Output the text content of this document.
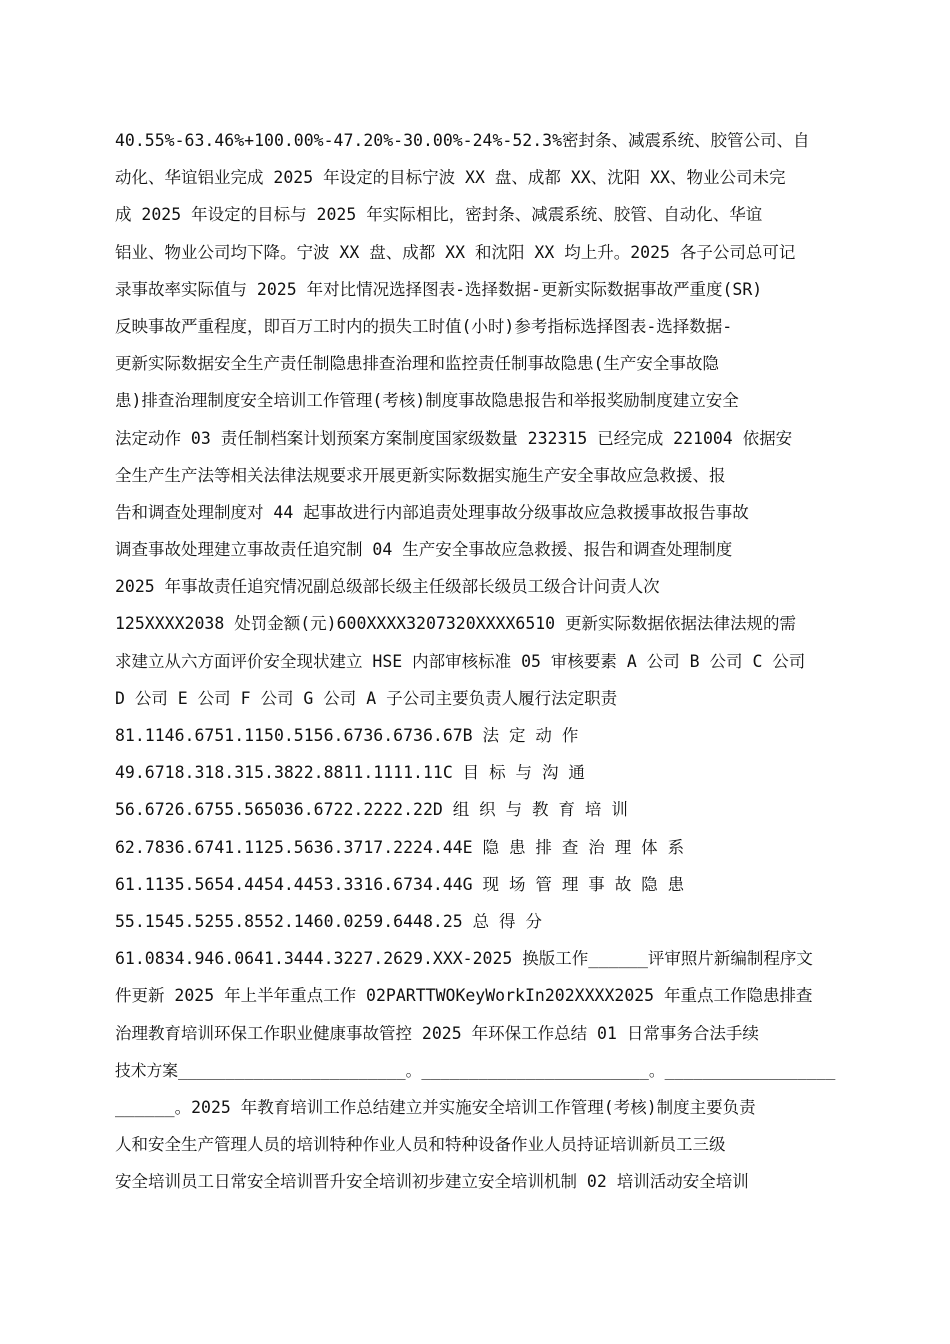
40.55%-63.46%+100.00%-47.20%-30.00%-24%-52.3%密封条、减震系统、胶管公司、自
动化、华谊铝业完成 2025 年设定的目标宁波 XX 盘、成都 XX、沈阳 XX、物业公司未完
成 2025 年设定的目标与 2025 年实际相比，密封条、减震系统、胶管、自动化、华谊
铝业、物业公司均下降。宁波 XX 盘、成都 XX 和沈阳 XX 均上升。2025 各子公司总可记
录事故率实际值与 2025 年对比情况选择图表-选择数据-更新实际数据事故严重度(SR)
反映事故严重程度，即百万工时内的损失工时值(小时)参考指标选择图表-选择数据-
更新实际数据安全生产责任制隐患排查治理和监控责任制事故隐患(生产安全事故隐
患)排查治理制度安全培训工作管理(考核)制度事故隐患报告和举报奖励制度建立安全
法定动作 03 责任制档案计划预案方案制度国家级数量 232315 已经完成 221004 依据安
全生产生产法等相关法律法规要求开展更新实际数据实施生产安全事故应急救援、报
告和调查处理制度对 44 起事故进行内部追责处理事故分级事故应急救援事故报告事故
调查事故处理建立事故责任追究制 04 生产安全事故应急救援、报告和调查处理制度
2025 年事故责任追究情况副总级部长级主任级部长级员工级合计问责人次
125XXXX2038 处罚金额(元)600XXXX3207320XXXX6510 更新实际数据依据法律法规的需
求建立从六方面评价安全现状建立 HSE 内部审核标准 05 审核要素 A 公司 B 公司 C 公司
D 公司 E 公司 F 公司 G 公司 A 子公司主要负责人履行法定职责
81.1146.6751.1150.5156.6736.6736.67B 法 定 动 作
49.6718.318.315.3822.8811.1111.11C 目 标 与 沟 通
56.6726.6755.565036.6722.2222.22D 组 织 与 教 育 培 训
62.7836.6741.1125.5636.3717.2224.44E 隐 患 排 查 治 理 体 系
61.1135.5654.4454.4453.3316.6734.44G 现 场 管 理 事 故 隐 患
55.1545.5255.8552.1460.0259.6448.25 总 得 分
61.0834.946.0641.3444.3227.2629.XXX-2025 换版工作______评审照片新编制程序文
件更新 2025 年上半年重点工作 02PARTTWOKeyWorkIn202XXXX2025 年重点工作隐患排查
治理教育培训环保工作职业健康事故管控 2025 年环保工作总结 01 日常事务合法手续
技术方案________________________。________________________。__________________
______。2025 年教育培训工作总结建立并实施安全培训工作管理(考核)制度主要负责
人和安全生产管理人员的培训特种作业人员和特种设备作业人员持证培训新员工三级
安全培训员工日常安全培训晋升安全培训初步建立安全培训机制 02 培训活动安全培训
